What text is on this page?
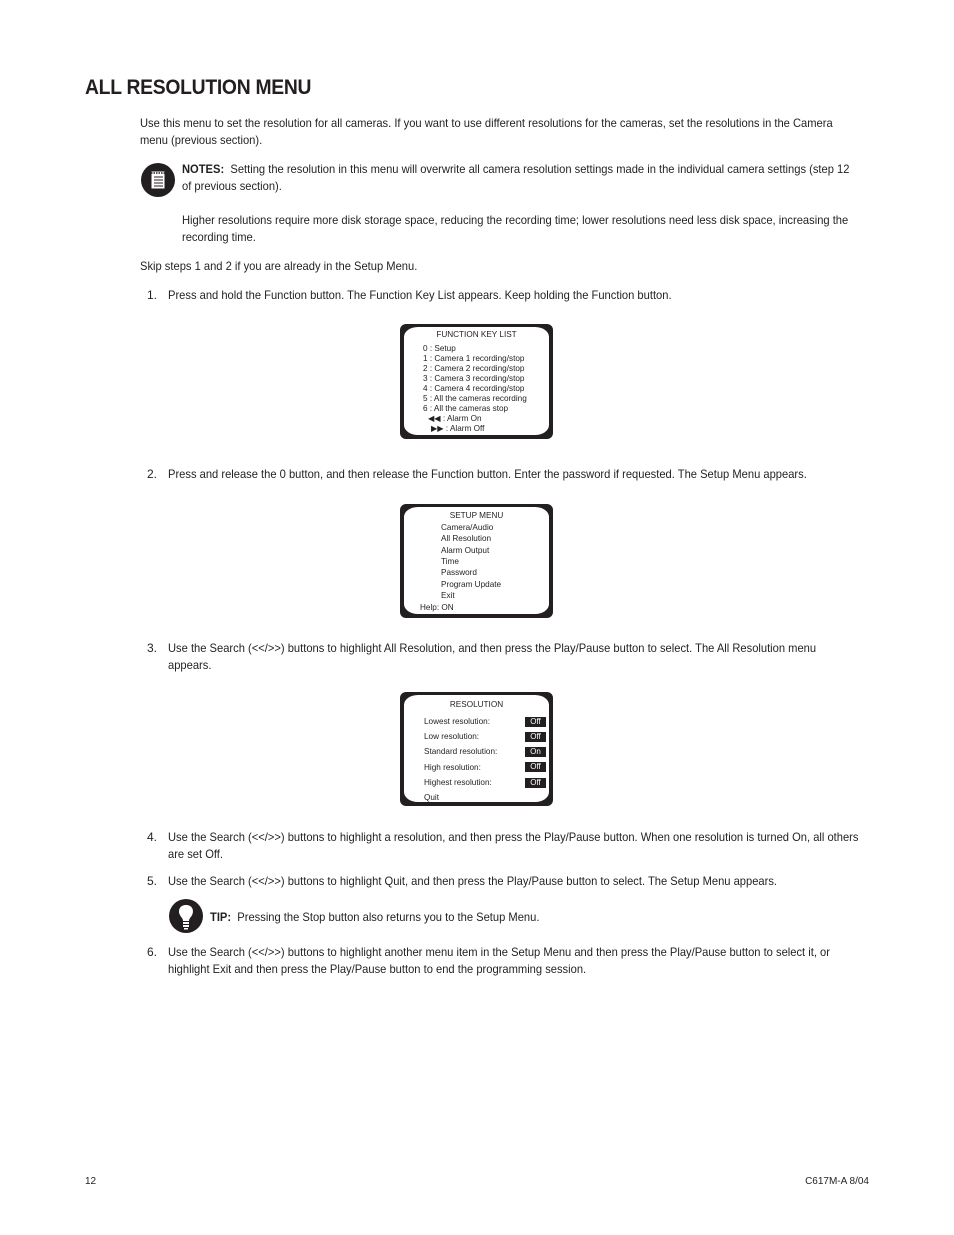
ALL RESOLUTION MENU
Use this menu to set the resolution for all cameras. If you want to use different resolutions for the cameras, set the resolutions in the Camera
menu (previous section).
NOTES: Setting the resolution in this menu will overwrite all camera resolution settings made in the individual camera settings (step 12
of previous section).
Higher resolutions require more disk storage space, reducing the recording time; lower resolutions need less disk space, increasing the
recording time.
Skip steps 1 and 2 if you are already in the Setup Menu.
1. Press and hold the Function button. The Function Key List appears. Keep holding the Function button.
FUNCTION KEY LIST
0 : Setup
1 : Camera 1 recording/stop
2 : Camera 2 recording/stop
3 : Camera 3 recording/stop
4 : Camera 4 recording/stop
5 : All the cameras recording
6 : All the cameras stop
◀◀ : Alarm On
▶▶ : Alarm Off
2. Press and release the 0 button, and then release the Function button. Enter the password if requested. The Setup Menu appears.
SETUP MENU
Camera/Audio
All Resolution
Alarm Output
Time
Password
Program Update
Exit
Help: ON
3. Use the Search (<</>>) buttons to highlight All Resolution, and then press the Play/Pause button to select. The All Resolution menu
appears.
RESOLUTION
Lowest resolution:	Off
Low resolution:	Off
Standard resolution:	On
High resolution:	Off
Highest resolution:	Off
Quit
4. Use the Search (<</>>) buttons to highlight a resolution, and then press the Play/Pause button. When one resolution is turned On, all others
are set Off.
5. Use the Search (<</>>) buttons to highlight Quit, and then press the Play/Pause button to select. The Setup Menu appears.
TIP: Pressing the Stop button also returns you to the Setup Menu.
6. Use the Search (<</>>) buttons to highlight another menu item in the Setup Menu and then press the Play/Pause button to select it, or
highlight Exit and then press the Play/Pause button to end the programming session.
12	C617M-A 8/04
